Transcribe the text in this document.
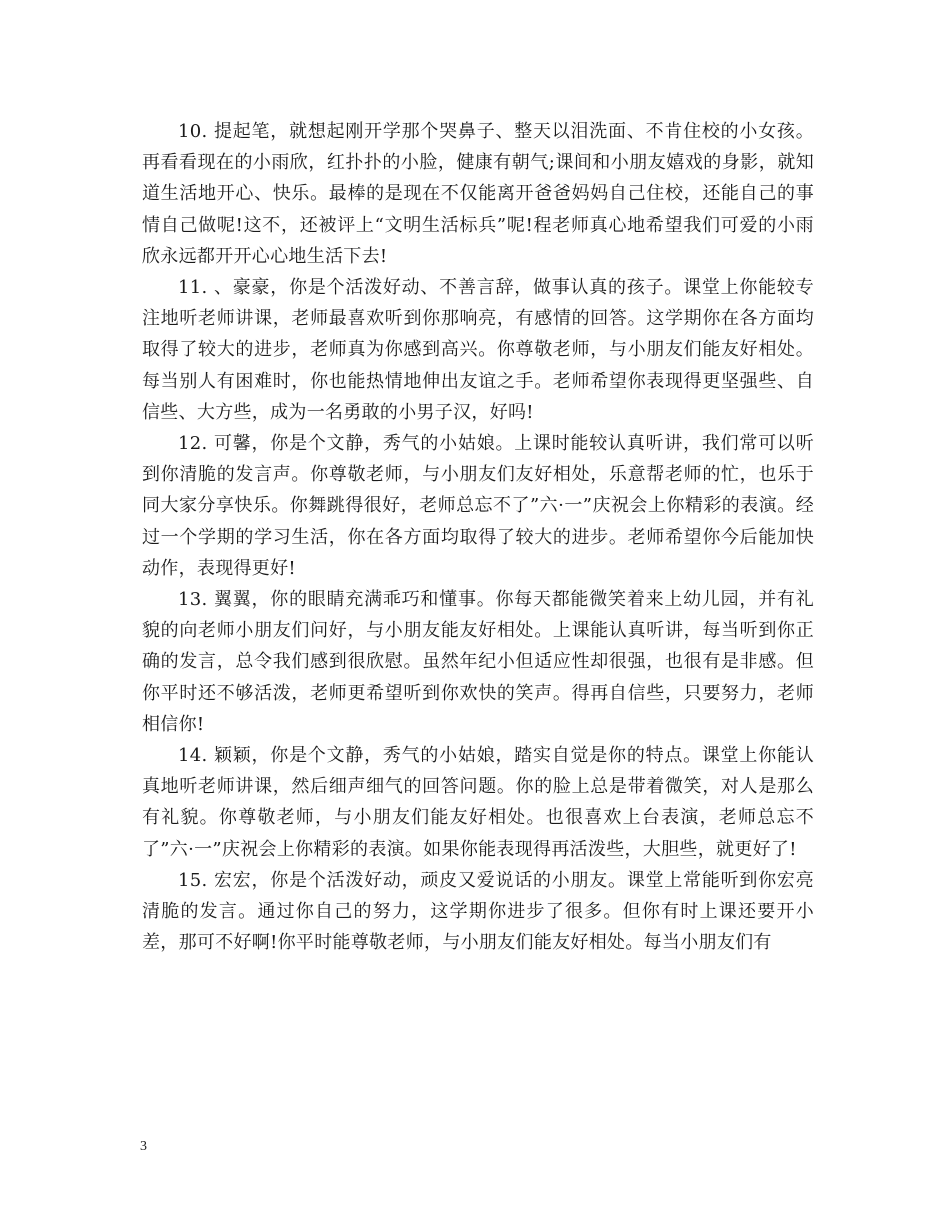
10. 提起笔，就想起刚开学那个哭鼻子、整天以泪洗面、不肯住校的小女孩。再看看现在的小雨欣，红扑扑的小脸，健康有朝气;课间和小朋友嬉戏的身影，就知道生活地开心、快乐。最棒的是现在不仅能离开爸爸妈妈自己住校，还能自己的事情自己做呢!这不，还被评上“文明生活标兵”呢!程老师真心地希望我们可爱的小雨欣永远都开开心心地生活下去!

11. 、豪豪，你是个活泼好动、不善言辞，做事认真的孩子。课堂上你能较专注地听老师讲课，老师最喜欢听到你那响亮，有感情的回答。这学期你在各方面均取得了较大的进步，老师真为你感到高兴。你尊敬老师，与小朋友们能友好相处。每当别人有困难时，你也能热情地伸出友谊之手。老师希望你表现得更坚强些、自信些、大方些，成为一名勇敢的小男子汉，好吗!

12. 可馨，你是个文静，秀气的小姑娘。上课时能较认真听讲，我们常可以听到你清脆的发言声。你尊敬老师，与小朋友们友好相处，乐意帮老师的忙，也乐于同大家分享快乐。你舞跳得很好，老师总忘不了”六·一”庆祝会上你精彩的表演。经过一个学期的学习生活，你在各方面均取得了较大的进步。老师希望你今后能加快动作，表现得更好!

13. 翼翼，你的眼睛充满乖巧和懂事。你每天都能微笑着来上幼儿园，并有礼貌的向老师小朋友们问好，与小朋友能友好相处。上课能认真听讲，每当听到你正确的发言，总令我们感到很欣慰。虽然年纪小但适应性却很强，也很有是非感。但你平时还不够活泼，老师更希望听到你欢快的笑声。得再自信些，只要努力，老师相信你!

14. 颖颖，你是个文静，秀气的小姑娘，踏实自觉是你的特点。课堂上你能认真地听老师讲课，然后细声细气的回答问题。你的脸上总是带着微笑，对人是那么有礼貌。你尊敬老师，与小朋友们能友好相处。也很喜欢上台表演，老师总忘不了”六·一”庆祝会上你精彩的表演。如果你能表现得再活泼些，大胆些，就更好了!

15. 宏宏，你是个活泼好动，顽皮又爱说话的小朋友。课堂上常能听到你宏亮清脆的发言。通过你自己的努力，这学期你进步了很多。但你有时上课还要开小差，那可不好啊!你平时能尊敬老师，与小朋友们能友好相处。每当小朋友们有

3
